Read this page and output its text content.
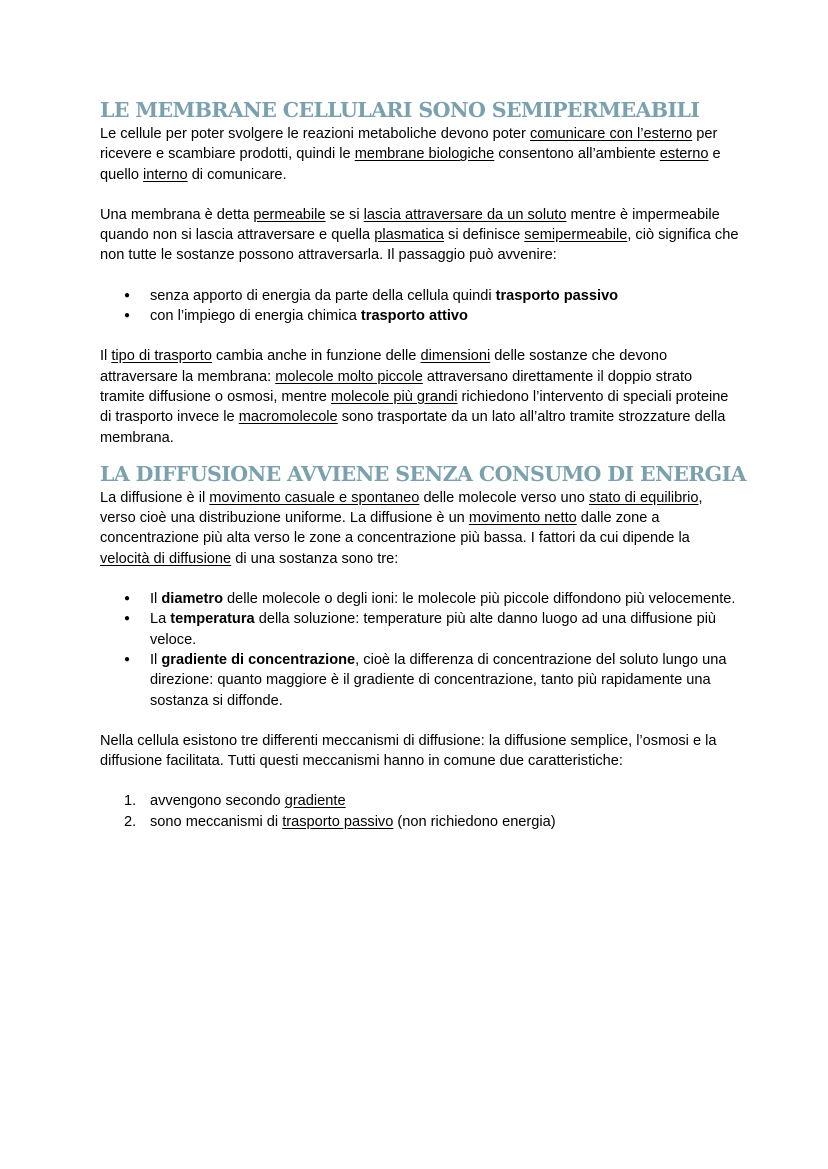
LE MEMBRANE CELLULARI SONO SEMIPERMEABILI

Le cellule per poter svolgere le reazioni metaboliche devono poter comunicare con l’esterno per ricevere e scambiare prodotti, quindi le membrane biologiche consentono all’ambiente esterno e quello interno di comunicare.

Una membrana è detta permeabile se si lascia attraversare da un soluto mentre è impermeabile quando non si lascia attraversare e quella plasmatica si definisce semipermeabile, ciò significa che non tutte le sostanze possono attraversarla. Il passaggio può avvenire:

● senza apporto di energia da parte della cellula quindi trasporto passivo
● con l’impiego di energia chimica trasporto attivo

Il tipo di trasporto cambia anche in funzione delle dimensioni delle sostanze che devono attraversare la membrana: molecole molto piccole attraversano direttamente il doppio strato tramite diffusione o osmosi, mentre molecole più grandi richiedono l’intervento di speciali proteine di trasporto invece le macromolecole sono trasportate da un lato all’altro tramite strozzature della membrana.

LA DIFFUSIONE AVVIENE SENZA CONSUMO DI ENERGIA

La diffusione è il movimento casuale e spontaneo delle molecole verso uno stato di equilibrio, verso cioè una distribuzione uniforme. La diffusione è un movimento netto dalle zone a concentrazione più alta verso le zone a concentrazione più bassa. I fattori da cui dipende la velocità di diffusione di una sostanza sono tre:

● Il diametro delle molecole o degli ioni: le molecole più piccole diffondono più velocemente.
● La temperatura della soluzione: temperature più alte danno luogo ad una diffusione più veloce.
● Il gradiente di concentrazione, cioè la differenza di concentrazione del soluto lungo una direzione: quanto maggiore è il gradiente di concentrazione, tanto più rapidamente una sostanza si diffonde.

Nella cellula esistono tre differenti meccanismi di diffusione: la diffusione semplice, l’osmosi e la diffusione facilitata. Tutti questi meccanismi hanno in comune due caratteristiche:

1. avvengono secondo gradiente
2. sono meccanismi di trasporto passivo (non richiedono energia)
